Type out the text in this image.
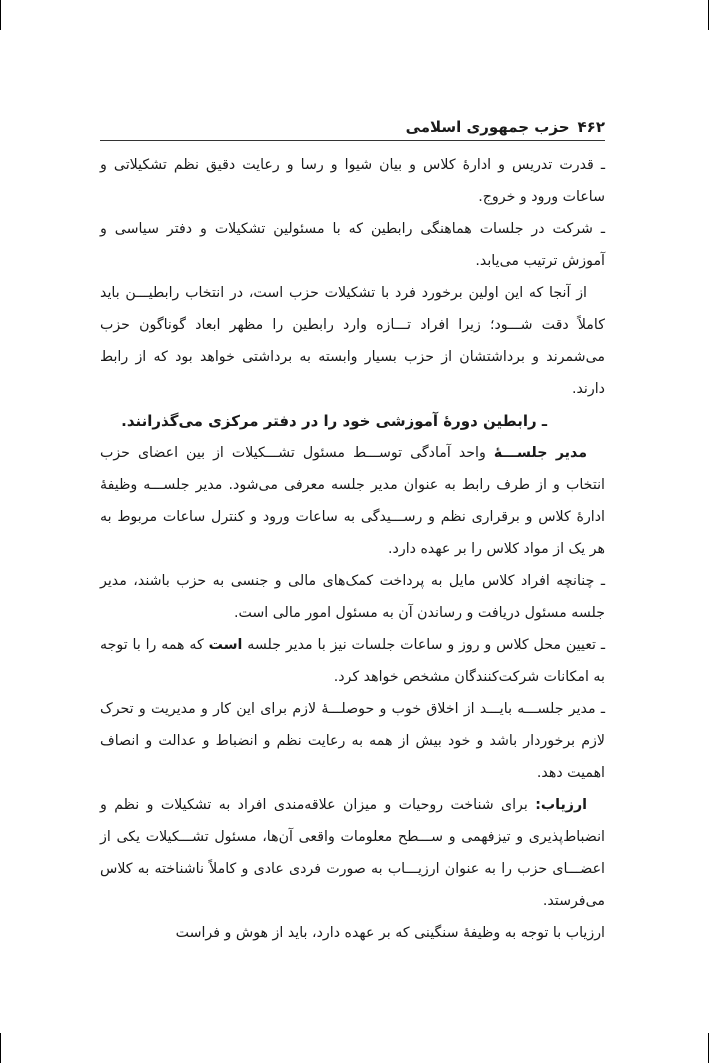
۴۶۲
حزب جمهوری اسلامی

ـ قدرت تدریس و ادارهٔ کلاس و بیان شیوا و رسا و رعایت دقیق نظم تشکیلاتی و ساعات ورود و خروج.

ـ شرکت در جلسات هماهنگی رابطین که با مسئولین تشکیلات و دفتر سیاسی و آموزش ترتیب می‌یابد.

از آنجا که این اولین برخورد فرد با تشکیلات حزب است، در انتخاب رابطیـــن باید کاملاً دقت شـــود؛ زیرا افراد تـــازه وارد رابطین را مظهر ابعاد گوناگون حزب می‌شمرند و برداشتشان از حزب بسیار وابسته به برداشتی خواهد بود که از رابط دارند.

ـ رابطین دورهٔ آموزشی خود را در دفتر مرکزی می‌گذرانند.

مدیر جلســـهٔ واحد آمادگی توســـط مسئول تشـــکیلات از بین اعضای حزب انتخاب و از طرف رابط به عنوان مدیر جلسه معرفی می‌شود. مدیر جلســـه وظیفهٔ ادارهٔ کلاس و برقراری نظم و رســـیدگی به ساعات ورود و کنترل ساعات مربوط به هر یک از مواد کلاس را بر عهده دارد.

ـ چنانچه افراد کلاس مایل به پرداخت کمک‌های مالی و جنسی به حزب باشند، مدیر جلسه مسئول دریافت و رساندن آن به مسئول امور مالی است.

ـ تعیین محل کلاس و روز و ساعات جلسات نیز با مدیر جلسه است که همه را با توجه به امکانات شرکت‌کنندگان مشخص خواهد کرد.

ـ مدیر جلســـه بایـــد از اخلاق خوب و حوصلـــهٔ لازم برای این کار و مدیریت و تحرک لازم برخوردار باشد و خود بیش از همه به رعایت نظم و انضباط و عدالت و انصاف اهمیت دهد.

ارزیاب: برای شناخت روحیات و میزان علاقه‌مندی افراد به تشکیلات و نظم و انضباط‌پذیری و تیزفهمی و ســـطح معلومات واقعی آن‌ها، مسئول تشـــکیلات یکی از اعضـــای حزب را به عنوان ارزیـــاب به صورت فردی عادی و کاملاً ناشناخته به کلاس می‌فرستد.

ارزیاب با توجه به وظیفهٔ سنگینی که بر عهده دارد، باید از هوش و فراست
